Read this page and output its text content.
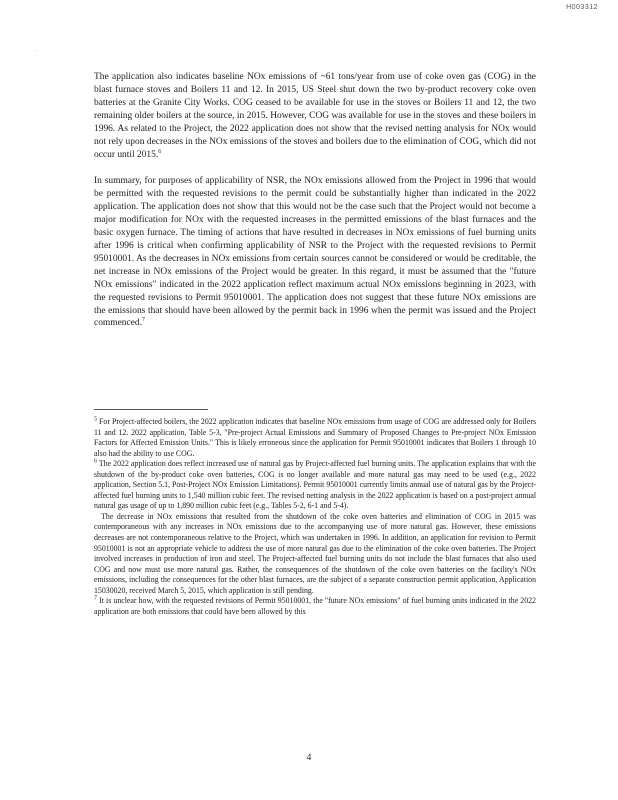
H003312
˙

The application also indicates baseline NOx emissions of ~61 tons/year from use of coke oven gas (COG) in the blast furnace stoves and Boilers 11 and 12. In 2015, US Steel shut down the two by-product recovery coke oven batteries at the Granite City Works. COG ceased to be available for use in the stoves or Boilers 11 and 12, the two remaining older boilers at the source, in 2015. However, COG was available for use in the stoves and these boilers in 1996. As related to the Project, the 2022 application does not show that the revised netting analysis for NOx would not rely upon decreases in the NOx emissions of the stoves and boilers due to the elimination of COG, which did not occur until 2015.$^6$

In summary, for purposes of applicability of NSR, the NOx emissions allowed from the Project in 1996 that would be permitted with the requested revisions to the permit could be substantially higher than indicated in the 2022 application. The application does not show that this would not be the case such that the Project would not become a major modification for NOx with the requested increases in the permitted emissions of the blast furnaces and the basic oxygen furnace. The timing of actions that have resulted in decreases in NOx emissions of fuel burning units after 1996 is critical when confirming applicability of NSR to the Project with the requested revisions to Permit 95010001. As the decreases in NOx emissions from certain sources cannot be considered or would be creditable, the net increase in NOx emissions of the Project would be greater. In this regard, it must be assumed that the "future NOx emissions" indicated in the 2022 application reflect maximum actual NOx emissions beginning in 2023, with the requested revisions to Permit 95010001. The application does not suggest that these future NOx emissions are the emissions that should have been allowed by the permit back in 1996 when the permit was issued and the Project commenced.$^7$

$^5$ For Project-affected boilers, the 2022 application indicates that baseline NOx emissions from usage of COG are addressed only for Boilers 11 and 12. 2022 application, Table 5-3, "Pre-project Actual Emissions and Summary of Proposed Changes to Pre-project NOx Emission Factors for Affected Emission Units." This is likely erroneous since the application for Permit 95010001 indicates that Boilers 1 through 10 also had the ability to use COG.

$^6$ The 2022 application does reflect increased use of natural gas by Project-affected fuel burning units. The application explains that with the shutdown of the by-product coke oven batteries, COG is no longer available and more natural gas may need to be used (e.g., 2022 application, Section 5.1, Post-Project NOx Emission Limitations). Permit 95010001 currently limits annual use of natural gas by the Project-affected fuel burning units to 1,540 million cubic feet. The revised netting analysis in the 2022 application is based on a post-project annual natural gas usage of up to 1,890 million cubic feet (e.g., Tables 5-2, 6-1 and 5-4).

The decrease in NOx emissions that resulted from the shutdown of the coke oven batteries and elimination of COG in 2015 was contemporaneous with any increases in NOx emissions due to the accompanying use of more natural gas. However, these emissions decreases are not contemporaneous relative to the Project, which was undertaken in 1996. In addition, an application for revision to Permit 95010001 is not an appropriate vehicle to address the use of more natural gas due to the elimination of the coke oven batteries. The Project involved increases in production of iron and steel. The Project-affected fuel burning units do not include the blast furnaces that also used COG and now must use more natural gas. Rather, the consequences of the shutdown of the coke oven batteries on the facility's NOx emissions, including the consequences for the other blast furnaces, are the subject of a separate construction permit application, Application 15030020, received March 5, 2015, which application is still pending.

$^7$ It is unclear how, with the requested revisions of Permit 95010001, the "future NOx emissions" of fuel burning units indicated in the 2022 application are both emissions that could have been allowed by this

4
